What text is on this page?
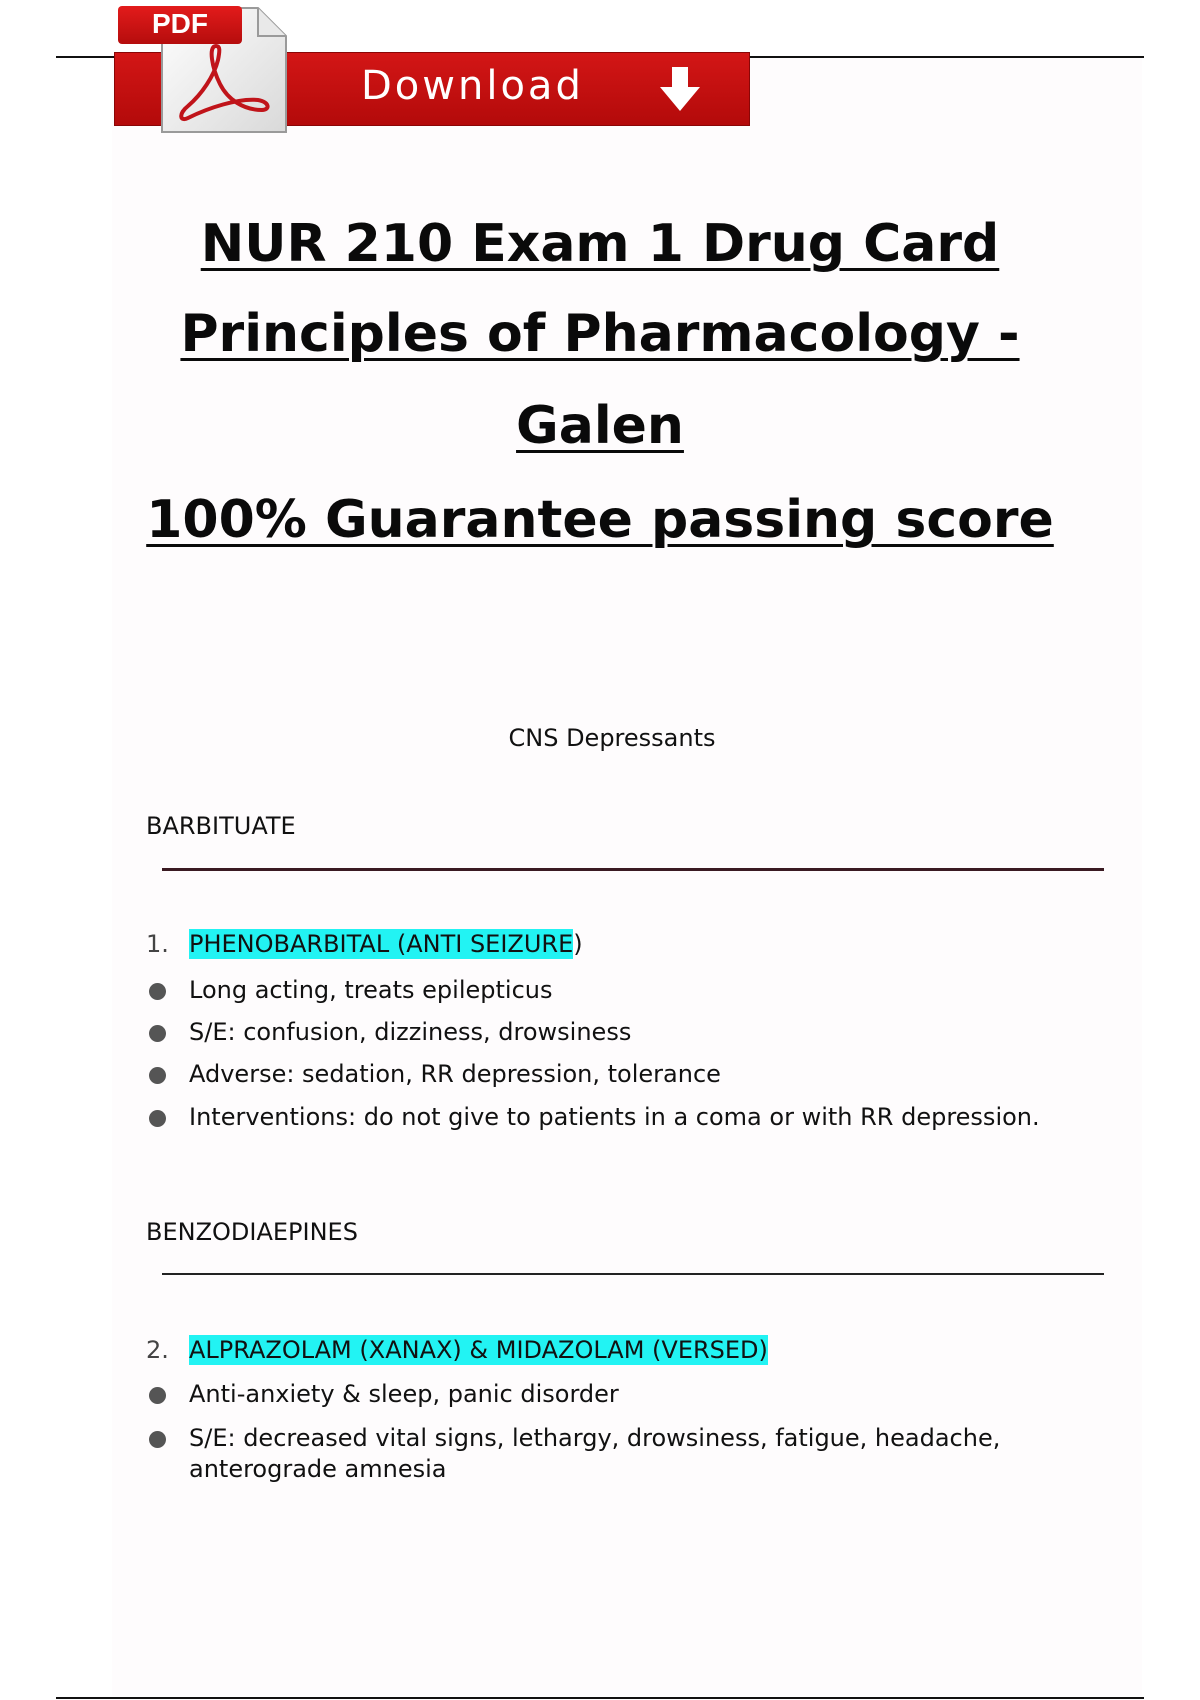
Download
PDF
NUR 210 Exam 1 Drug Card
Principles of Pharmacology -
Galen
100% Guarantee passing score
CNS Depressants
BARBITUATE
1. PHENOBARBITAL (ANTI SEIZURE)
Long acting, treats epilepticus
S/E: confusion, dizziness, drowsiness
Adverse: sedation, RR depression, tolerance
Interventions: do not give to patients in a coma or with RR depression.
BENZODIAEPINES
2. ALPRAZOLAM (XANAX) & MIDAZOLAM (VERSED)
Anti-anxiety & sleep, panic disorder
S/E: decreased vital signs, lethargy, drowsiness, fatigue, headache, anterograde amnesia
